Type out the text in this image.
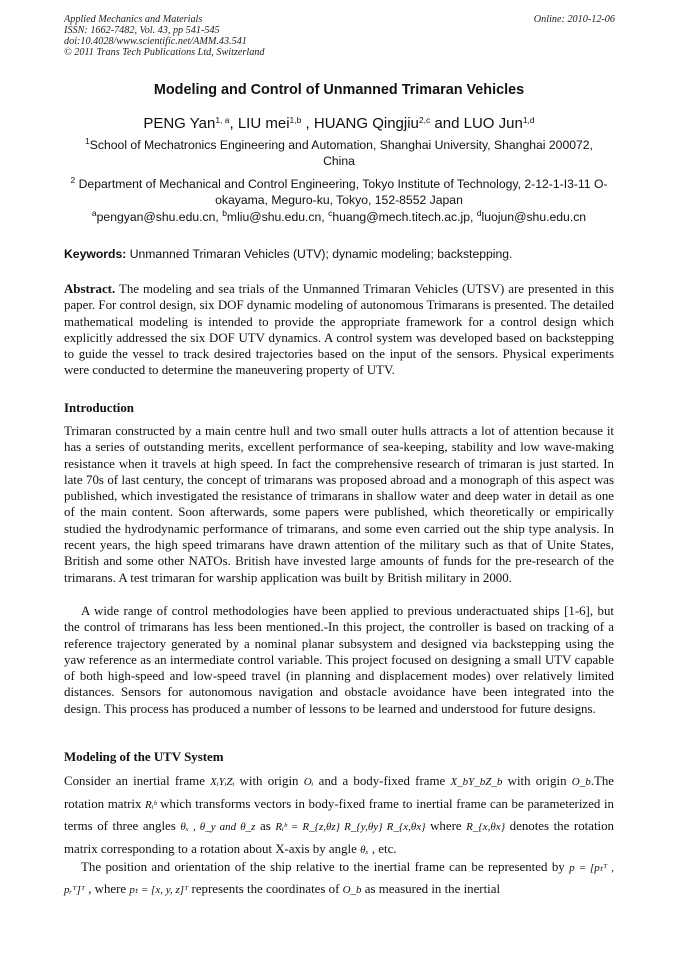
Applied Mechanics and Materials
ISSN: 1662-7482, Vol. 43, pp 541-545
doi:10.4028/www.scientific.net/AMM.43.541
© 2011 Trans Tech Publications Ltd, Switzerland
Online: 2010-12-06
Modeling and Control of Unmanned Trimaran Vehicles
PENG Yan$^{1, a}$, LIU mei$^{1,b}$ , HUANG Qingjiu$^{2,c}$ and LUO Jun$^{1,d}$
$^1$School of Mechatronics Engineering and Automation, Shanghai University, Shanghai 200072, China
$^2$ Department of Mechanical and Control Engineering, Tokyo Institute of Technology, 2-12-1-I3-11 O-okayama, Meguro-ku, Tokyo, 152-8552 Japan
$^a$pengyan@shu.edu.cn, $^b$mliu@shu.edu.cn, $^c$huang@mech.titech.ac.jp, $^d$luojun@shu.edu.cn
Keywords: Unmanned Trimaran Vehicles (UTV); dynamic modeling; backstepping.
Abstract. The modeling and sea trials of the Unmanned Trimaran Vehicles (UTSV) are presented in this paper. For control design, six DOF dynamic modeling of autonomous Trimarans is presented. The detailed mathematical modeling is intended to provide the appropriate framework for a control design which explicitly addressed the six DOF UTV dynamics. A control system was developed based on backstepping to guide the vessel to track desired trajectories based on the input of the sensors. Physical experiments were conducted to determine the maneuvering property of UTV.
Introduction
Trimaran constructed by a main centre hull and two small outer hulls attracts a lot of attention because it has a series of outstanding merits, excellent performance of sea-keeping, stability and low wave-making resistance when it travels at high speed. In fact the comprehensive research of trimaran is just started. In late 70s of last century, the concept of trimarans was proposed abroad and a monograph of this aspect was published, which investigated the resistance of trimarans in shallow water and deep water in detail as one of the main content. Soon afterwards, some papers were published, which theoretically or empirically studied the hydrodynamic performance of trimarans, and some even carried out the ship type analysis. In recent years, the high speed trimarans have drawn attention of the military such as that of Unite States, British and some other NATOs. British have invested large amounts of funds for the pre-research of the trimarans. A test trimaran for warship application was built by British military in 2000.
A wide range of control methodologies have been applied to previous underactuated ships [1-6], but the control of trimarans has less been mentioned.-In this project, the controller is based on tracking of a reference trajectory generated by a nominal planar subsystem and designed via backstepping using the yaw reference as an intermediate control variable. This project focused on designing a small UTV capable of both high-speed and low-speed travel (in planning and displacement modes) over relatively limited distances. Sensors for autonomous navigation and obstacle avoidance have been integrated into the design. This process has produced a number of lessons to be learned and understood for future designs.
Modeling of the UTV System
Consider an inertial frame XᵢYᵢZᵢ with origin Oᵢ and a body-fixed frame X_bY_bZ_b with origin O_b.The rotation matrix Rᵢᵇ which transforms vectors in body-fixed frame to inertial frame can be parameterized in terms of three angles θₓ , θ_y and θ_z as Rᵢᵇ = R_{z,θz} R_{y,θy} R_{x,θx} where R_{x,θx} denotes the rotation matrix corresponding to a rotation about X-axis by angle θₓ , etc.
The position and orientation of the ship relative to the inertial frame can be represented by p = [pₜᵀ , pᵣᵀ]ᵀ , where pₜ = [x, y, z]ᵀ represents the coordinates of O_b as measured in the inertial
